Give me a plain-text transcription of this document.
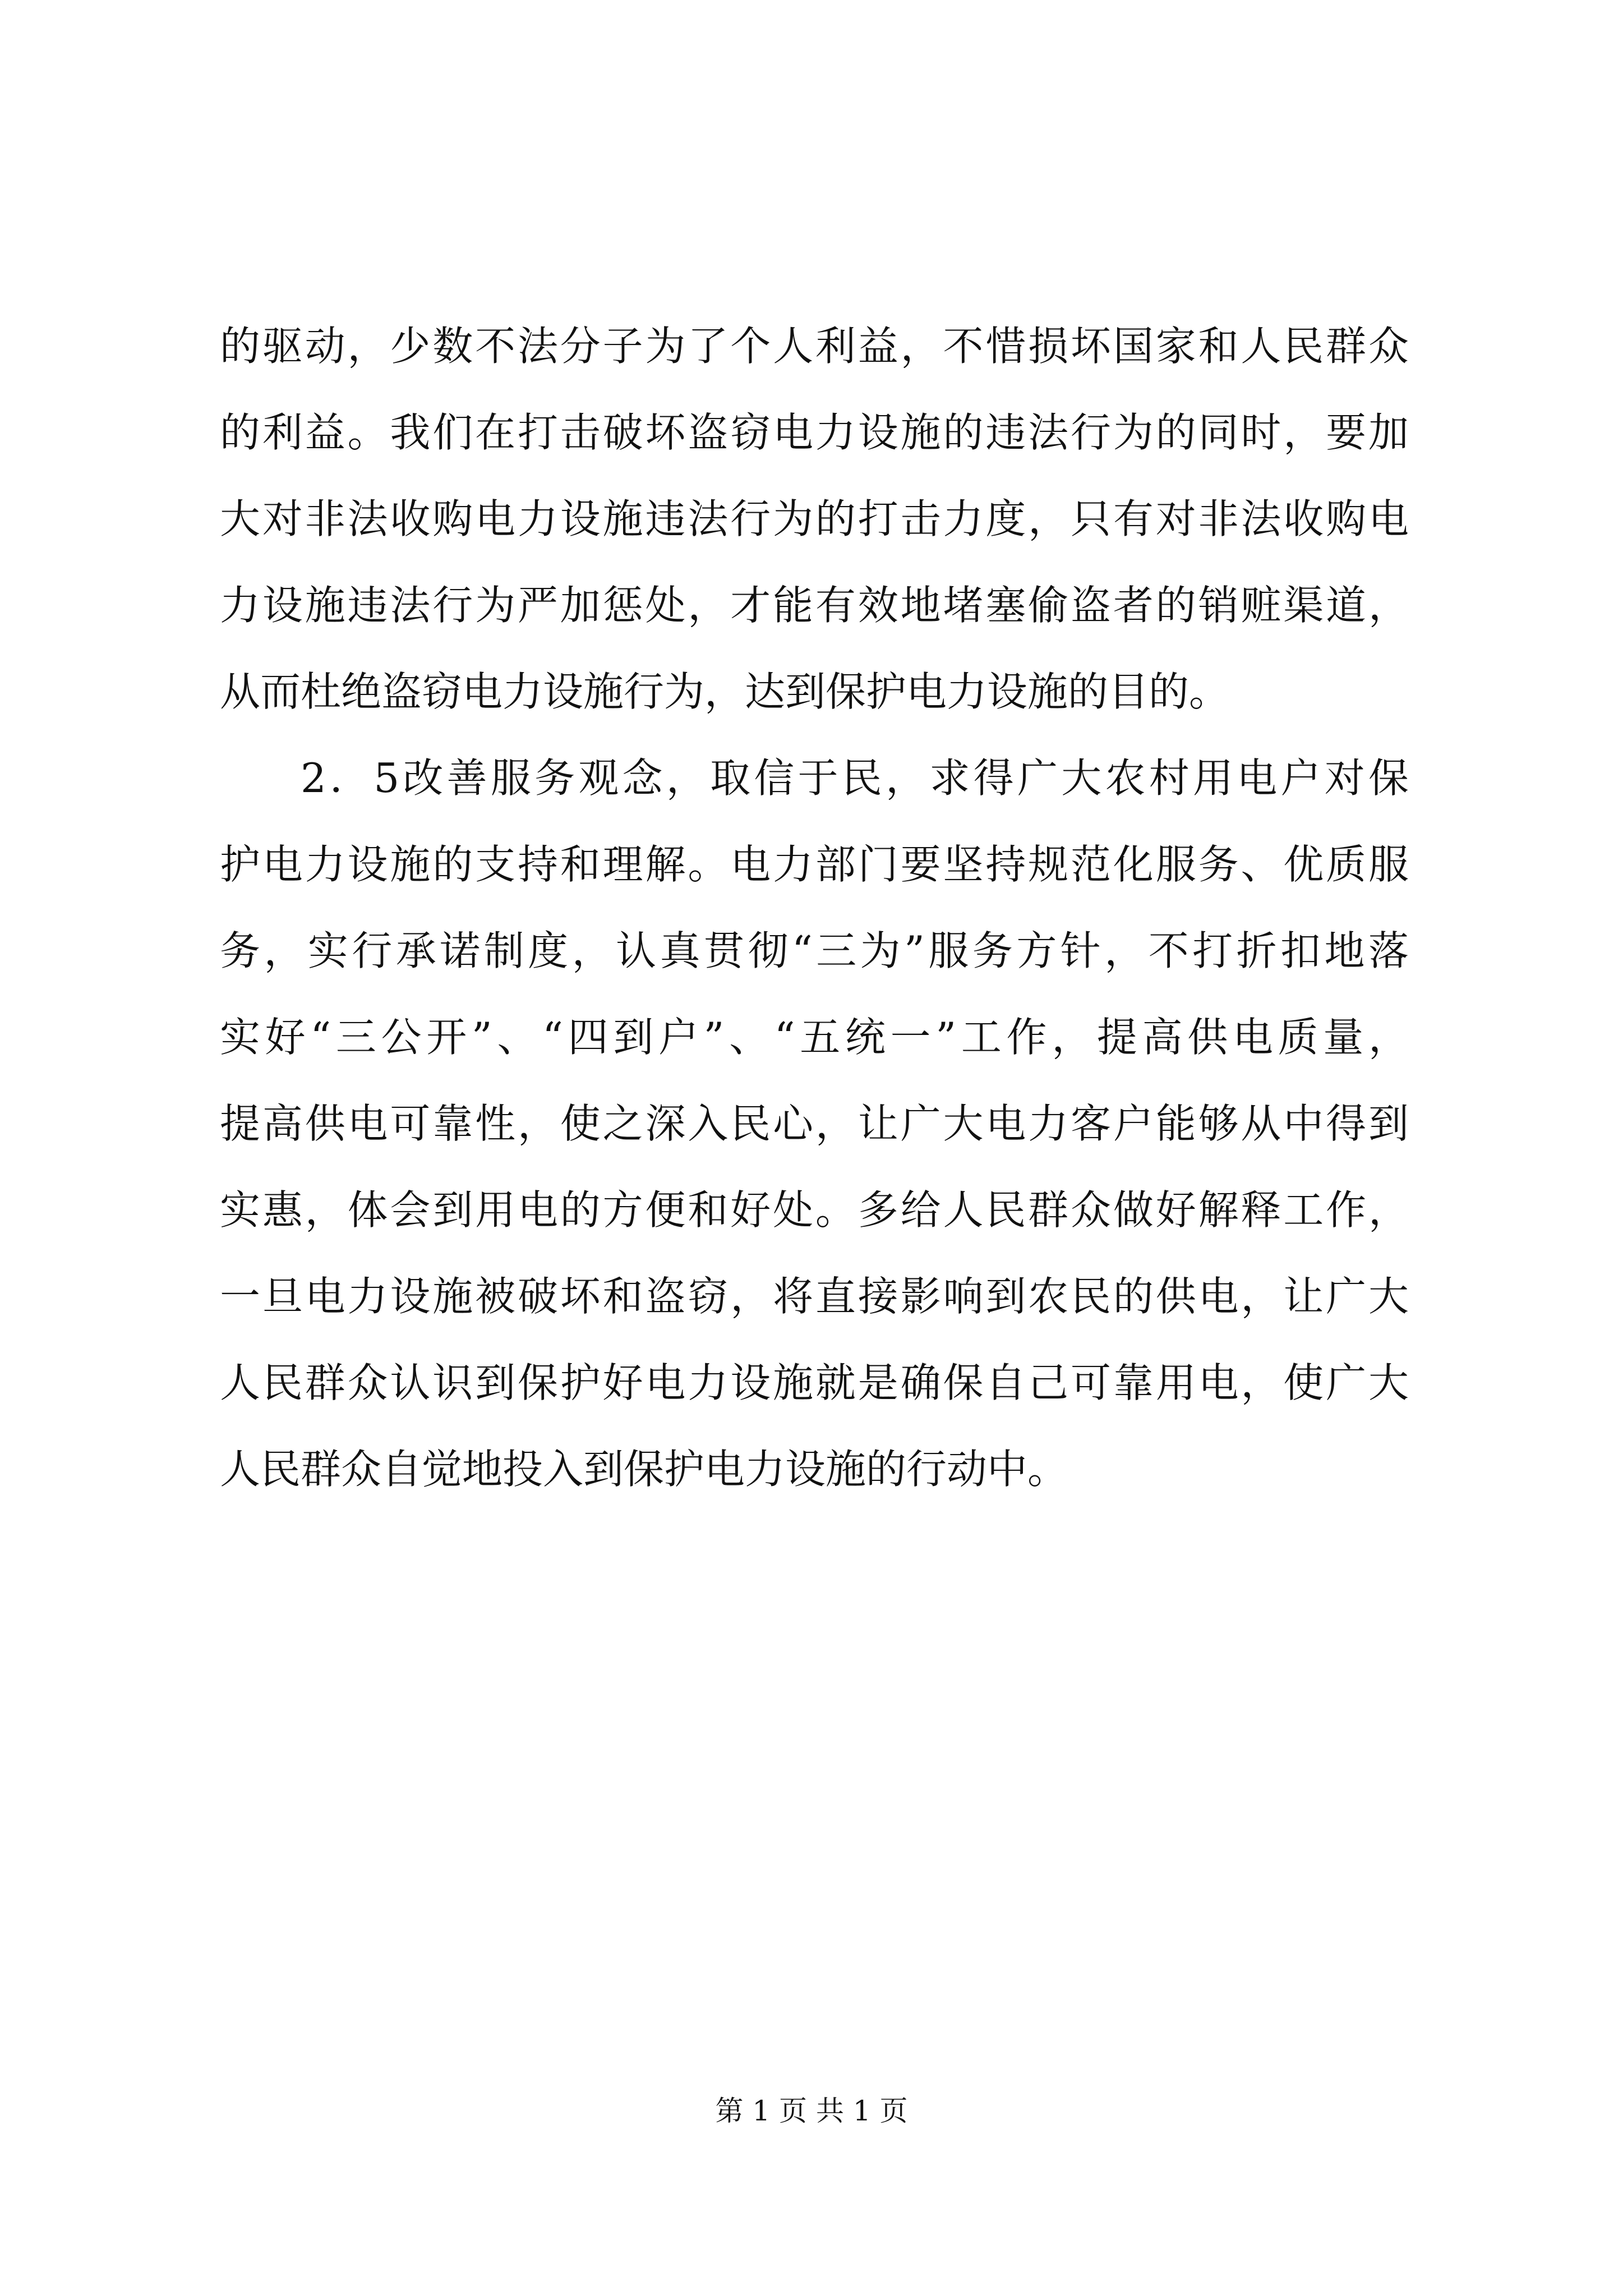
的驱动，少数不法分子为了个人利益，不惜损坏国家和人民群众
的利益。我们在打击破坏盗窃电力设施的违法行为的同时，要加
大对非法收购电力设施违法行为的打击力度，只有对非法收购电
力设施违法行为严加惩处，才能有效地堵塞偷盗者的销赃渠道，
从而杜绝盗窃电力设施行为，达到保护电力设施的目的。
2．5改善服务观念，取信于民，求得广大农村用电户对保
护电力设施的支持和理解。电力部门要坚持规范化服务、优质服
务，实行承诺制度，认真贯彻“三为”服务方针，不打折扣地落
实好“三公开”、“四到户”、“五统一”工作，提高供电质量，
提高供电可靠性，使之深入民心，让广大电力客户能够从中得到
实惠，体会到用电的方便和好处。多给人民群众做好解释工作，
一旦电力设施被破坏和盗窃，将直接影响到农民的供电，让广大
人民群众认识到保护好电力设施就是确保自己可靠用电，使广大
人民群众自觉地投入到保护电力设施的行动中。
第 1 页 共 1 页
